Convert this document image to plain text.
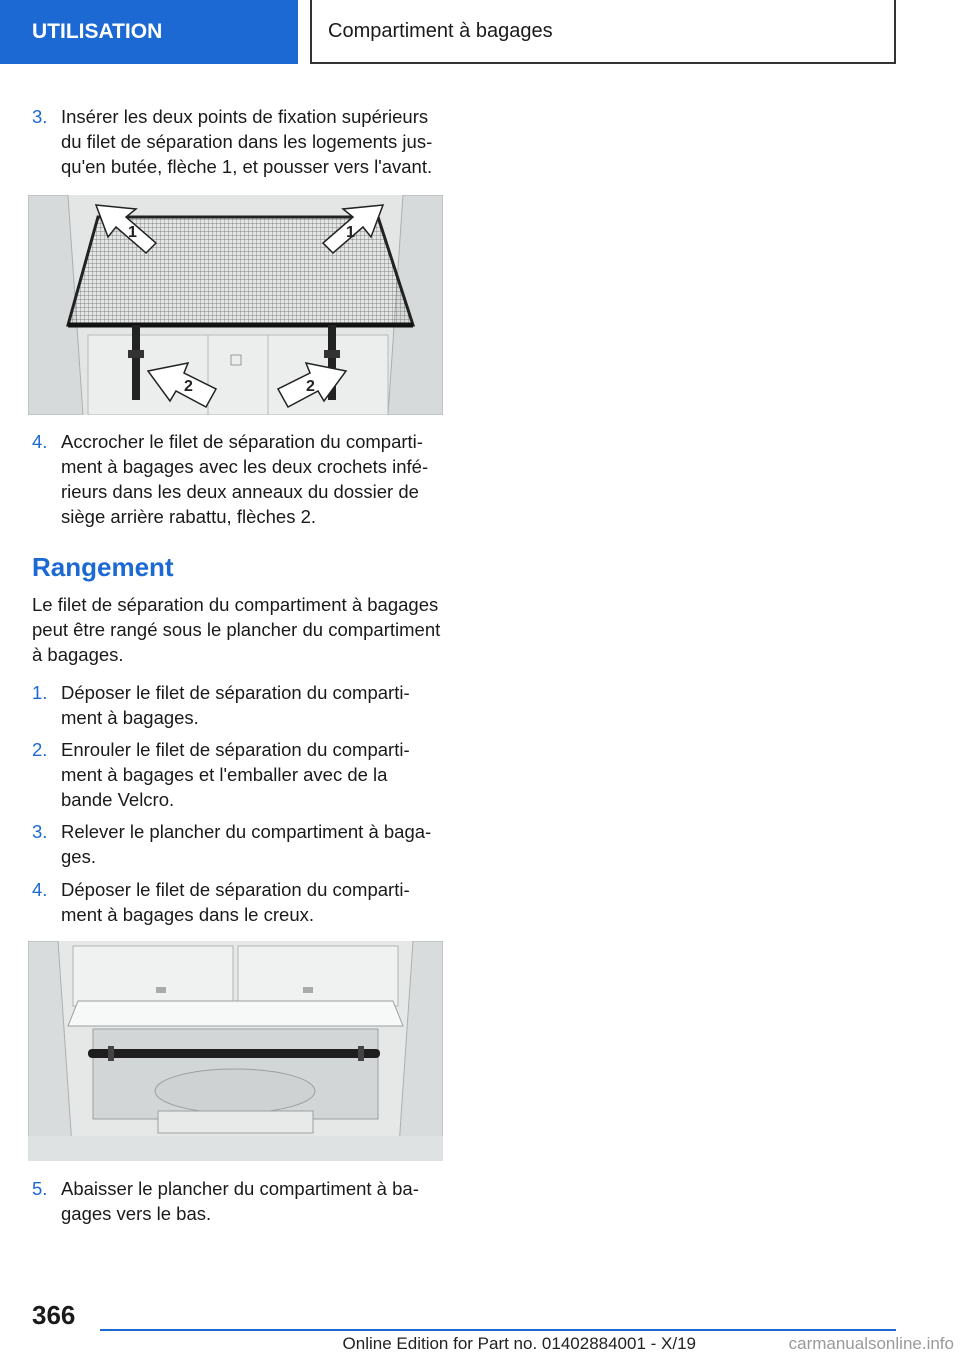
UTILISATION	Compartiment à bagages
3. Insérer les deux points de fixation supérieurs du filet de séparation dans les logements jusqu'en butée, flèche 1, et pousser vers l'avant.
1	1
2	2
4. Accrocher le filet de séparation du compartiment à bagages avec les deux crochets inférieurs dans les deux anneaux du dossier de siège arrière rabattu, flèches 2.
Rangement
Le filet de séparation du compartiment à bagages peut être rangé sous le plancher du compartiment à bagages.
1. Déposer le filet de séparation du compartiment à bagages.
2. Enrouler le filet de séparation du compartiment à bagages et l'emballer avec de la bande Velcro.
3. Relever le plancher du compartiment à bagages.
4. Déposer le filet de séparation du compartiment à bagages dans le creux.
5. Abaisser le plancher du compartiment à bagages vers le bas.
366
Online Edition for Part no. 01402884001 - X/19	carmanualsonline.info
